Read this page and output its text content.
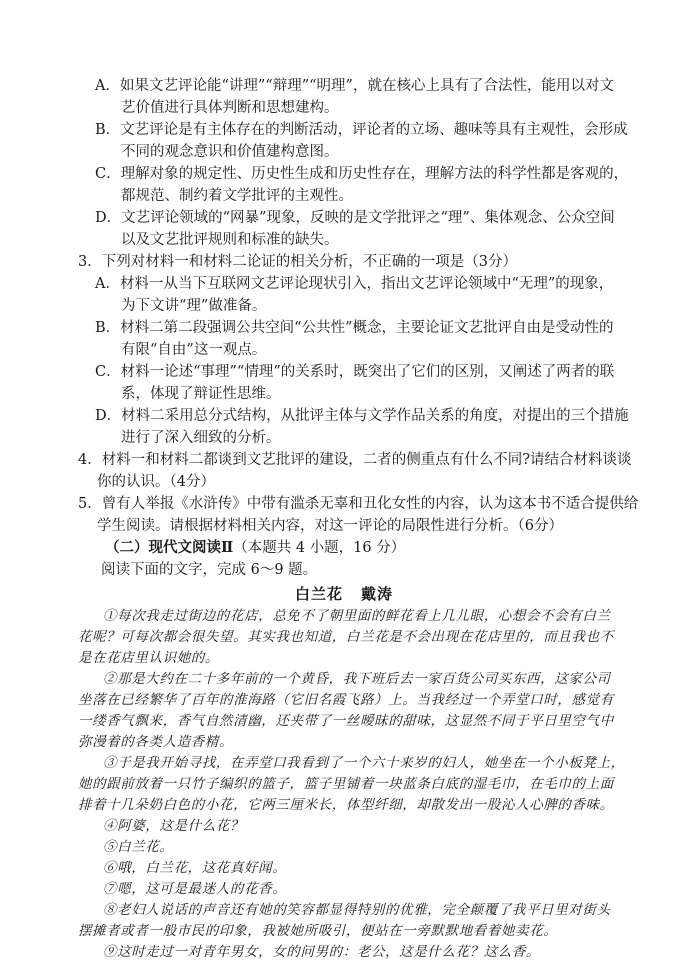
A．如果文艺评论能“讲理”“辩理”“明理”，就在核心上具有了合法性，能用以对文
艺价值进行具体判断和思想建构。
B．文艺评论是有主体存在的判断活动，评论者的立场、趣味等具有主观性，会形成
不同的观念意识和价值建构意图。
C．理解对象的规定性、历史性生成和历史性存在，理解方法的科学性都是客观的，
都规范、制约着文学批评的主观性。
D．文艺评论领域的“网暴”现象，反映的是文学批评之“理”、集体观念、公众空间
以及文艺批评规则和标准的缺失。
3．下列对材料一和材料二论证的相关分析，不正确的一项是（3分）
A．材料一从当下互联网文艺评论现状引入，指出文艺评论领域中“无理”的现象，
为下文讲“理”做准备。
B．材料二第二段强调公共空间“公共性”概念，主要论证文艺批评自由是受动性的
有限“自由”这一观点。
C．材料一论述“事理”“情理”的关系时，既突出了它们的区别，又阐述了两者的联
系，体现了辩证性思维。
D．材料二采用总分式结构，从批评主体与文学作品关系的角度，对提出的三个措施
进行了深入细致的分析。
4．材料一和材料二都谈到文艺批评的建设，二者的侧重点有什么不同?请结合材料谈谈
你的认识。（4分）
5．曾有人举报《水浒传》中带有滥杀无辜和丑化女性的内容，认为这本书不适合提供给
学生阅读。请根据材料相关内容，对这一评论的局限性进行分析。（6分）
（二）现代文阅读Ⅱ（本题共 4 小题，16 分）
阅读下面的文字，完成 6～9 题。
白兰花 戴涛
①每次我走过街边的花店，总免不了朝里面的鲜花看上几儿眼，心想会不会有白兰
花呢？可每次都会很失望。其实我也知道，白兰花是不会出现在花店里的，而且我也不
是在花店里认识她的。
②那是大约在二十多年前的一个黄昏，我下班后去一家百货公司买东西，这家公司
坐落在已经繁华了百年的淮海路（它旧名霞飞路）上。当我经过一个弄堂口时，感觉有
一缕香气飘来，香气自然清幽，还夹带了一丝暧昧的甜味，这显然不同于平日里空气中
弥漫着的各类人造香精。
③于是我开始寻找，在弄堂口我看到了一个六十来岁的妇人，她坐在一个小板凳上，
她的跟前放着一只竹子编织的篮子，篮子里铺着一块蓝条白底的湿毛巾，在毛巾的上面
排着十几朵奶白色的小花，它两三厘米长，体型纤细，却散发出一股沁人心脾的香味。
④阿婆，这是什么花？
⑤白兰花。
⑥哦，白兰花，这花真好闻。
⑦嗯，这可是最迷人的花香。
⑧老妇人说话的声音还有她的笑容都显得特别的优雅，完全颠覆了我平日里对街头
摆摊者或者一般市民的印象，我被她所吸引，便站在一旁默默地看着她卖花。
⑨这时走过一对青年男女，女的问男的：老公，这是什么花？这么香。
